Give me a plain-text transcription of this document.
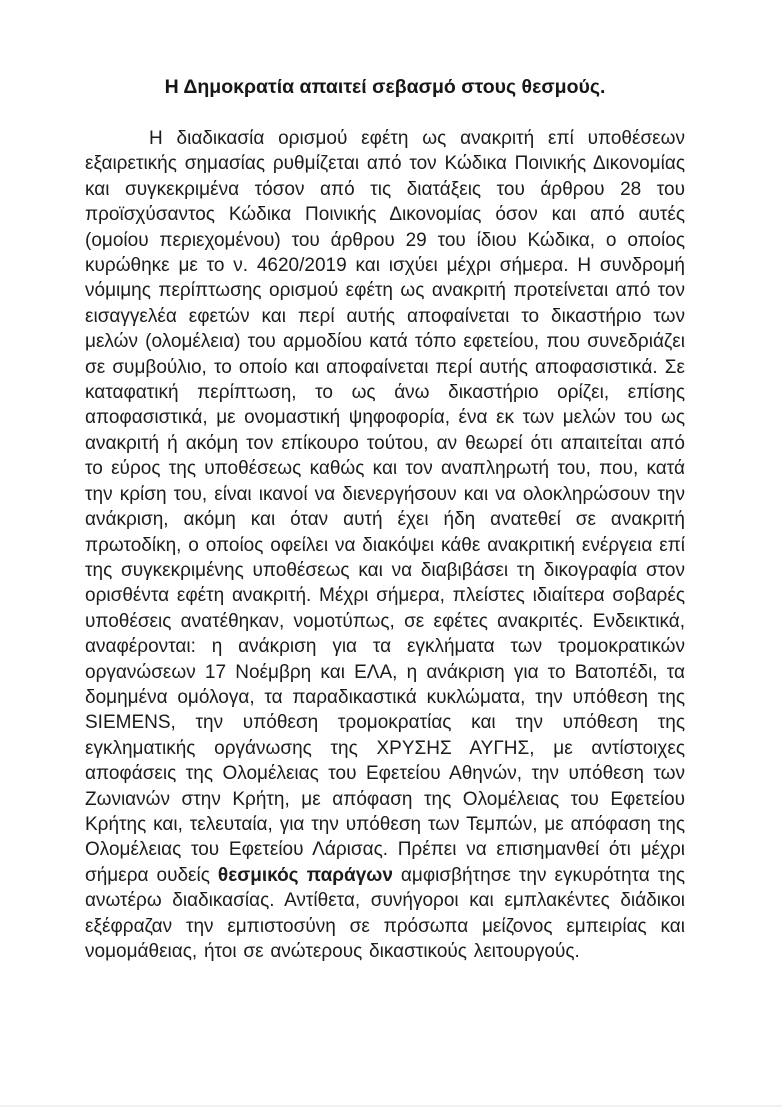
Η Δημοκρατία απαιτεί σεβασμό στους θεσμούς.

Η διαδικασία ορισμού εφέτη ως ανακριτή επί υποθέσεων εξαιρετικής σημασίας ρυθμίζεται από τον Κώδικα Ποινικής Δικονομίας και συγκεκριμένα τόσον από τις διατάξεις του άρθρου 28 του προϊσχύσαντος Κώδικα Ποινικής Δικονομίας όσον και από αυτές (ομοίου περιεχομένου) του άρθρου 29 του ίδιου Κώδικα, ο οποίος κυρώθηκε με το ν. 4620/2019 και ισχύει μέχρι σήμερα. Η συνδρομή νόμιμης περίπτωσης ορισμού εφέτη ως ανακριτή προτείνεται από τον εισαγγελέα εφετών και περί αυτής αποφαίνεται το δικαστήριο των μελών (ολομέλεια) του αρμοδίου κατά τόπο εφετείου, που συνεδριάζει σε συμβούλιο, το οποίο και αποφαίνεται περί αυτής αποφασιστικά. Σε καταφατική περίπτωση, το ως άνω δικαστήριο ορίζει, επίσης αποφασιστικά, με ονομαστική ψηφοφορία, ένα εκ των μελών του ως ανακριτή ή ακόμη τον επίκουρο τούτου, αν θεωρεί ότι απαιτείται από το εύρος της υποθέσεως καθώς και τον αναπληρωτή του, που, κατά την κρίση του, είναι ικανοί να διενεργήσουν και να ολοκληρώσουν την ανάκριση, ακόμη και όταν αυτή έχει ήδη ανατεθεί σε ανακριτή πρωτοδίκη, ο οποίος οφείλει να διακόψει κάθε ανακριτική ενέργεια επί της συγκεκριμένης υποθέσεως και να διαβιβάσει τη δικογραφία στον ορισθέντα εφέτη ανακριτή. Μέχρι σήμερα, πλείστες ιδιαίτερα σοβαρές υποθέσεις ανατέθηκαν, νομοτύπως, σε εφέτες ανακριτές. Ενδεικτικά, αναφέρονται: η ανάκριση για τα εγκλήματα των τρομοκρατικών οργανώσεων 17 Νοέμβρη και ΕΛΑ, η ανάκριση για το Βατοπέδι, τα δομημένα ομόλογα, τα παραδικαστικά κυκλώματα, την υπόθεση της SIEMENS, την υπόθεση τρομοκρατίας και την υπόθεση της εγκληματικής οργάνωσης της ΧΡΥΣΗΣ ΑΥΓΗΣ, με αντίστοιχες αποφάσεις της Ολομέλειας του Εφετείου Αθηνών, την υπόθεση των Ζωνιανών στην Κρήτη, με απόφαση της Ολομέλειας του Εφετείου Κρήτης και, τελευταία, για την υπόθεση των Τεμπών, με απόφαση της Ολομέλειας του Εφετείου Λάρισας. Πρέπει να επισημανθεί ότι μέχρι σήμερα ουδείς θεσμικός παράγων αμφισβήτησε την εγκυρότητα της ανωτέρω διαδικασίας. Αντίθετα, συνήγοροι και εμπλακέντες διάδικοι εξέφραζαν την εμπιστοσύνη σε πρόσωπα μείζονος εμπειρίας και νομομάθειας, ήτοι σε ανώτερους δικαστικούς λειτουργούς.
